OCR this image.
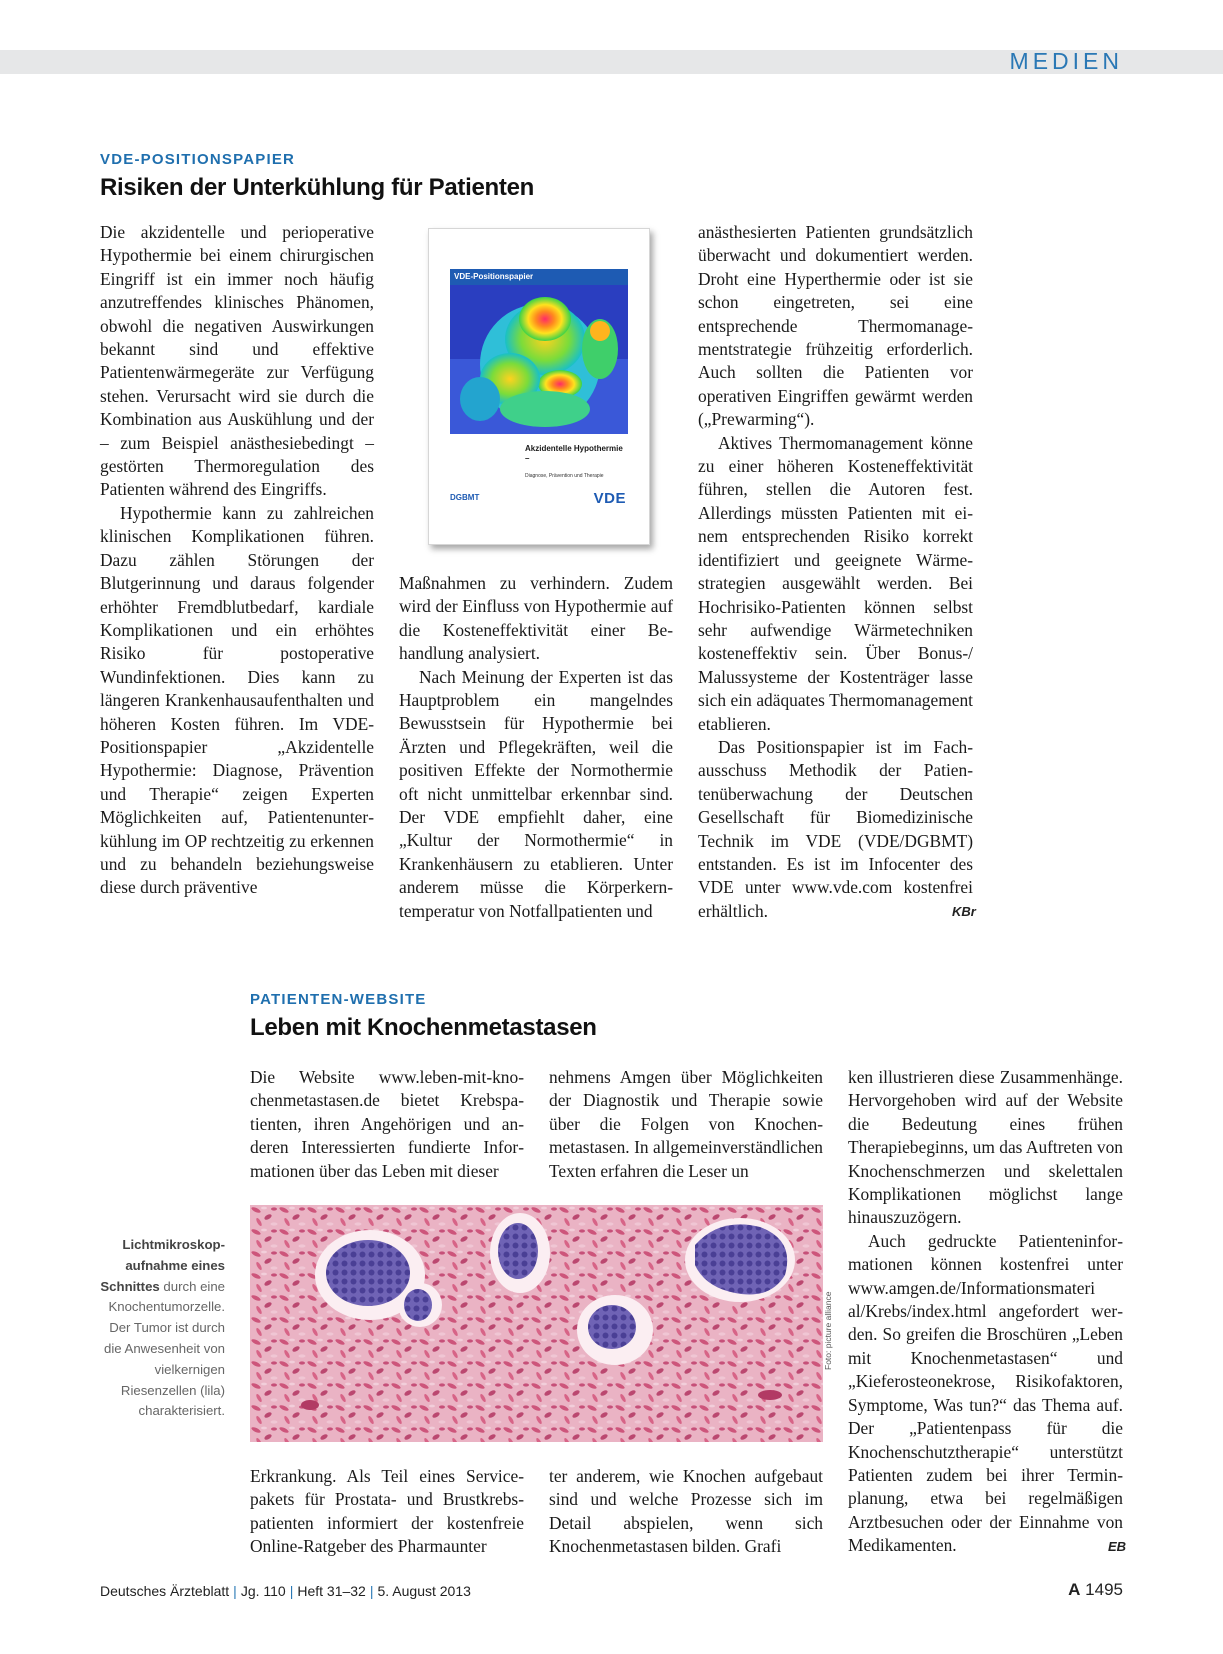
MEDIEN
VDE-POSITIONSPAPIER
Risiken der Unterkühlung für Patienten

Die akzidentelle und perioperative Hypothermie bei einem chirurgischen Eingriff ist ein immer noch häufig anzutreffendes klinisches Phänomen, obwohl die negativen Auswirkungen bekannt sind und effektive Patientenwärmegeräte zur Verfügung stehen. Verursacht wird sie durch die Kombination aus Auskühlung und der – zum Beispiel anästhesiebedingt – gestörten Thermoregulation des Patienten während des Eingriffs.

Hypothermie kann zu zahlreichen klinischen Komplikationen führen. Dazu zählen Störungen der Blutgerinnung und daraus folgender erhöhter Fremdblutbedarf, kardiale Komplikationen und ein erhöhtes Risiko für postoperative Wundinfektionen. Dies kann zu längeren Krankenhausaufenthalten und höheren Kosten führen. Im VDE-Positionspapier „Akzidentelle Hypothermie: Diagnose, Prävention und Therapie“ zeigen Experten Möglichkeiten auf, Patientenunterkühlung im OP rechtzeitig zu erkennen und zu behandeln beziehungsweise diese durch präventive

VDE-Positionspapier
Akzidentelle Hypothermie –
Diagnose, Prävention und Therapie
DGBMT	VDE

Maßnahmen zu verhindern. Zudem wird der Einfluss von Hypothermie auf die Kosteneffektivität einer Behandlung analysiert.

Nach Meinung der Experten ist das Hauptproblem ein mangelndes Bewusstsein für Hypothermie bei Ärzten und Pflegekräften, weil die positiven Effekte der Normothermie oft nicht unmittelbar erkennbar sind. Der VDE empfiehlt daher, eine „Kultur der Normothermie“ in Krankenhäusern zu etablieren. Unter anderem müsse die Körperkerntemperatur von Notfallpatienten und

anästhesierten Patienten grundsätzlich überwacht und dokumentiert werden. Droht eine Hyperthermie oder ist sie schon eingetreten, sei eine entsprechende Thermomanagementstrategie frühzeitig erforderlich. Auch sollten die Patienten vor operativen Eingriffen gewärmt werden („Prewarming“).

Aktives Thermomanagement könne zu einer höheren Kosteneffektivität führen, stellen die Autoren fest. Allerdings müssten Patienten mit einem entsprechenden Risiko korrekt identifiziert und geeignete Wärmestrategien ausgewählt werden. Bei Hochrisiko-Patienten können selbst sehr aufwendige Wärmetechniken kosteneffektiv sein. Über Bonus-/ Malussysteme der Kostenträger lasse sich ein adäquates Thermomanagement etablieren.

Das Positionspapier ist im Fachausschuss Methodik der Patientenüberwachung der Deutschen Gesellschaft für Biomedizinische Technik im VDE (VDE/DGBMT) entstanden. Es ist im Infocenter des VDE unter www.vde.com kostenfrei erhältlich.	KBr
PATIENTEN-WEBSITE
Leben mit Knochenmetastasen

Die Website www.leben-mit-knochenmetastasen.de bietet Krebspatienten, ihren Angehörigen und anderen Interessierten fundierte Informationen über das Leben mit dieser

nehmens Amgen über Möglichkeiten der Diagnostik und Therapie sowie über die Folgen von Knochenmetastasen. In allgemeinverständlichen Texten erfahren die Leser un

Foto: picture alliance
Lichtmikroskopaufnahme eines Schnittes durch eine Knochentumorzelle. Der Tumor ist durch die Anwesenheit von vielkernigen Riesenzellen (lila) charakterisiert.

Erkrankung. Als Teil eines Servicepakets für Prostata- und Brustkrebspatienten informiert der kostenfreie Online-Ratgeber des Pharmaunter

ter anderem, wie Knochen aufgebaut sind und welche Prozesse sich im Detail abspielen, wenn sich Knochenmetastasen bilden. Grafi

ken illustrieren diese Zusammenhänge. Hervorgehoben wird auf der Website die Bedeutung eines frühen Therapiebeginns, um das Auftreten von Knochenschmerzen und skelettalen Komplikationen möglichst lange hinauszuzögern.

Auch gedruckte Patienteninformationen können kostenfrei unter www.amgen.de/Informationsmateri al/Krebs/index.html angefordert werden. So greifen die Broschüren „Leben mit Knochenmetastasen“ und „Kieferosteonekrose, Risikofaktoren, Symptome, Was tun?“ das Thema auf. Der „Patientenpass für die Knochenschutztherapie“ unterstützt Patienten zudem bei ihrer Terminplanung, etwa bei regelmäßigen Arztbesuchen oder der Einnahme von Medikamenten.	EB
Deutsches Ärzteblatt | Jg. 110 | Heft 31–32 | 5. August 2013	A 1495
